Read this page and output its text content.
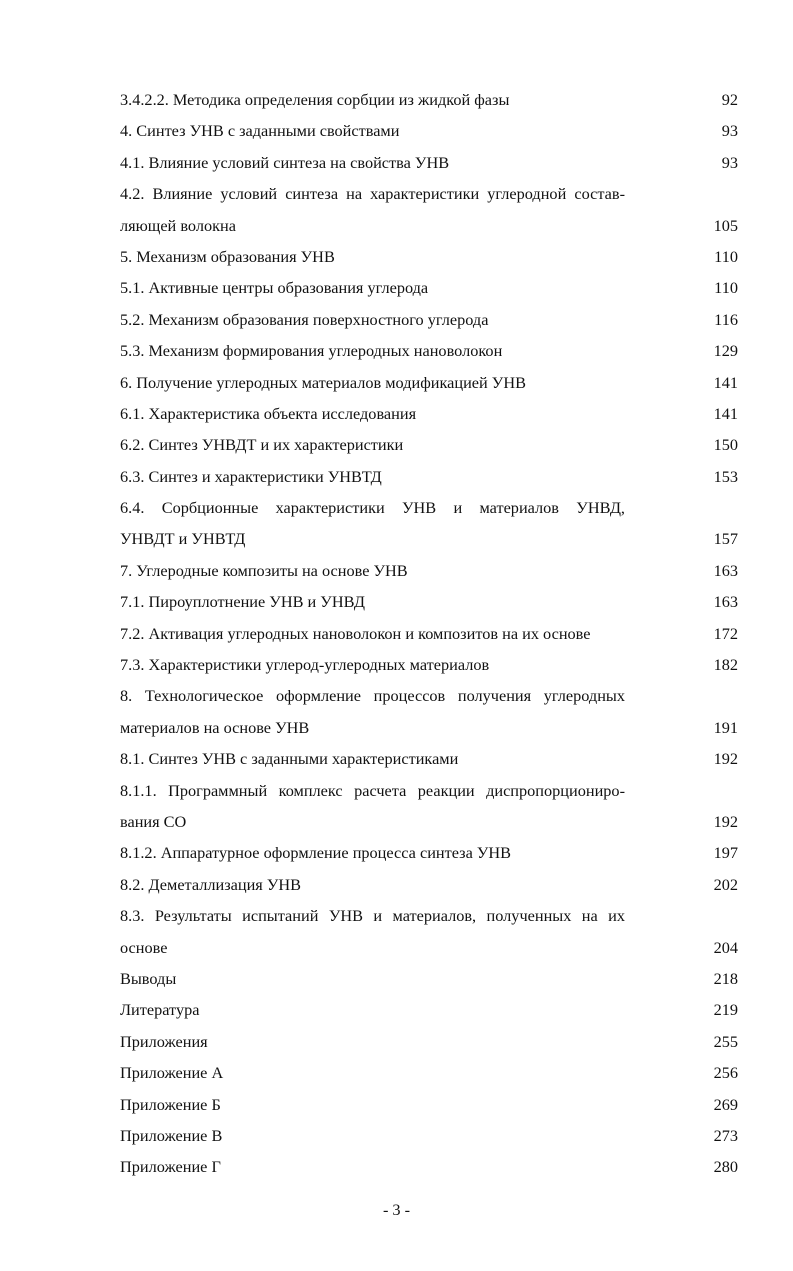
3.4.2.2. Методика определения сорбции из жидкой фазы	92
4. Синтез УНВ с заданными свойствами	93
4.1. Влияние условий синтеза на свойства УНВ	93
4.2. Влияние условий синтеза на характеристики углеродной состав-
ляющей волокна	105
5. Механизм образования УНВ	110
5.1. Активные центры образования углерода	110
5.2. Механизм образования поверхностного углерода	116
5.3. Механизм формирования углеродных нановолокон	129
6. Получение углеродных материалов модификацией УНВ	141
6.1. Характеристика объекта исследования	141
6.2. Синтез УНВДТ и их характеристики	150
6.3. Синтез и характеристики УНВТД	153
6.4. Сорбционные характеристики УНВ и материалов УНВД,
УНВДТ и УНВТД	157
7. Углеродные композиты на основе УНВ	163
7.1. Пироуплотнение УНВ и УНВД	163
7.2. Активация углеродных нановолокон и композитов на их основе	172
7.3. Характеристики углерод-углеродных материалов	182
8. Технологическое оформление процессов получения углеродных
материалов на основе УНВ	191
8.1. Синтез УНВ с заданными характеристиками	192
8.1.1. Программный комплекс расчета реакции диспропорциониро-
вания СО	192
8.1.2. Аппаратурное оформление процесса синтеза УНВ	197
8.2. Деметаллизация УНВ	202
8.3. Результаты испытаний УНВ и материалов, полученных на их
основе	204
Выводы	218
Литература	219
Приложения	255
Приложение А	256
Приложение Б	269
Приложение В	273
Приложение Г	280
- 3 -
